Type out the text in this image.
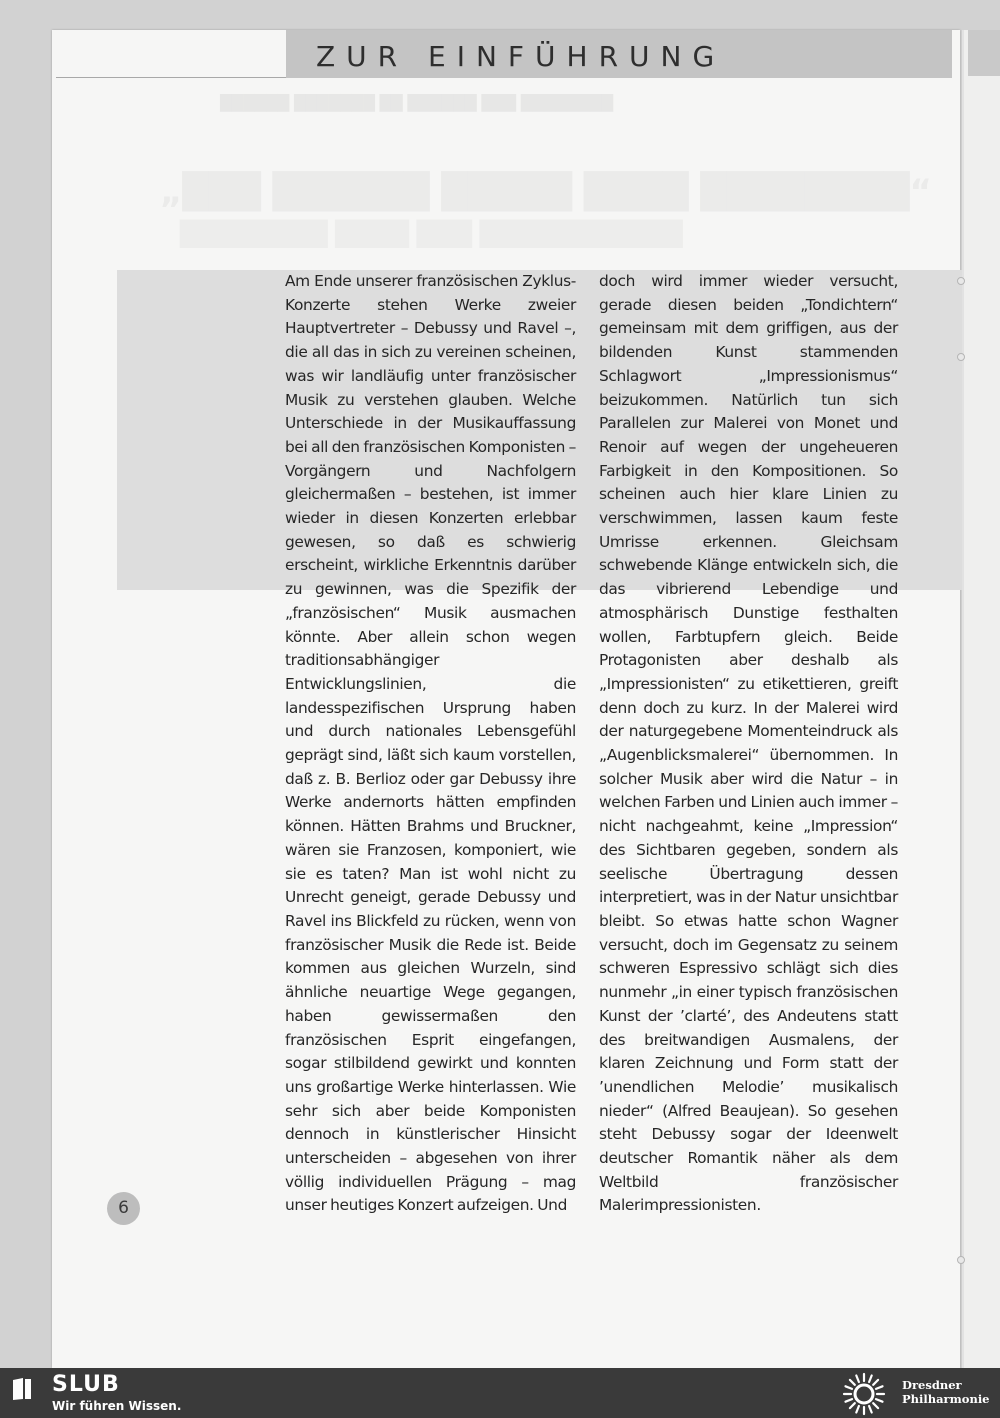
ZUR EINFÜHRUNG
██████ ███████ ██ ██████ ███ ████████
„███ ██████ █████ ████ ████████“
████████ ████ ███ ███████████

Am Ende unserer französischen Zyklus-Konzerte stehen Werke zweier Hauptvertreter – Debussy und Ravel –, die all das in sich zu vereinen scheinen, was wir landläufig unter französischer Musik zu verstehen glauben. Welche Unterschiede in der Musikauffassung bei all den französischen Komponisten – Vorgängern und Nachfolgern gleichermaßen – bestehen, ist immer wieder in diesen Konzerten erlebbar gewesen, so daß es schwierig erscheint, wirkliche Erkenntnis darüber zu gewinnen, was die Spezifik der „französischen“ Musik ausmachen könnte. Aber allein schon wegen traditionsabhängiger Entwicklungslinien, die landesspezifischen Ursprung haben und durch nationales Lebensgefühl geprägt sind, läßt sich kaum vorstellen, daß z. B. Berlioz oder gar Debussy ihre Werke andernorts hätten empfinden können. Hätten Brahms und Bruckner, wären sie Franzosen, komponiert, wie sie es taten? Man ist wohl nicht zu Unrecht geneigt, gerade Debussy und Ravel ins Blickfeld zu rücken, wenn von französischer Musik die Rede ist. Beide kommen aus gleichen Wurzeln, sind ähnliche neuartige Wege gegangen, haben gewissermaßen den französischen Esprit eingefangen, sogar stilbildend gewirkt und konnten uns großartige Werke hinterlassen. Wie sehr sich aber beide Komponisten dennoch in künstlerischer Hinsicht unterscheiden – abgesehen von ihrer völlig individuellen Prägung – mag unser heutiges Konzert aufzeigen. Und

doch wird immer wieder versucht, gerade diesen beiden „Tondichtern“ gemeinsam mit dem griffigen, aus der bildenden Kunst stammenden Schlagwort „Impressionismus“ beizukommen. Natürlich tun sich Parallelen zur Malerei von Monet und Renoir auf wegen der ungeheueren Farbigkeit in den Kompositionen. So scheinen auch hier klare Linien zu verschwimmen, lassen kaum feste Umrisse erkennen. Gleichsam schwebende Klänge entwickeln sich, die das vibrierend Lebendige und atmosphärisch Dunstige festhalten wollen, Farbtupfern gleich. Beide Protagonisten aber deshalb als „Impressionisten“ zu etikettieren, greift denn doch zu kurz. In der Malerei wird der naturgegebene Momenteindruck als „Augenblicksmalerei“ übernommen. In solcher Musik aber wird die Natur – in welchen Farben und Linien auch immer – nicht nachgeahmt, keine „Impression“ des Sichtbaren gegeben, sondern als seelische Übertragung dessen interpretiert, was in der Natur unsichtbar bleibt. So etwas hatte schon Wagner versucht, doch im Gegensatz zu seinem schweren Espressivo schlägt sich dies nunmehr „in einer typisch französischen Kunst der ’clarté’, des Andeutens statt des breitwandigen Ausmalens, der klaren Zeichnung und Form statt der ’unendlichen Melodie’ musikalisch nieder“ (Alfred Beaujean). So gesehen steht Debussy sogar der Ideenwelt deutscher Romantik näher als dem Weltbild französischer Malerimpressionisten.

6
SLUB
Wir führen Wissen.
Dresdner
Philharmonie
